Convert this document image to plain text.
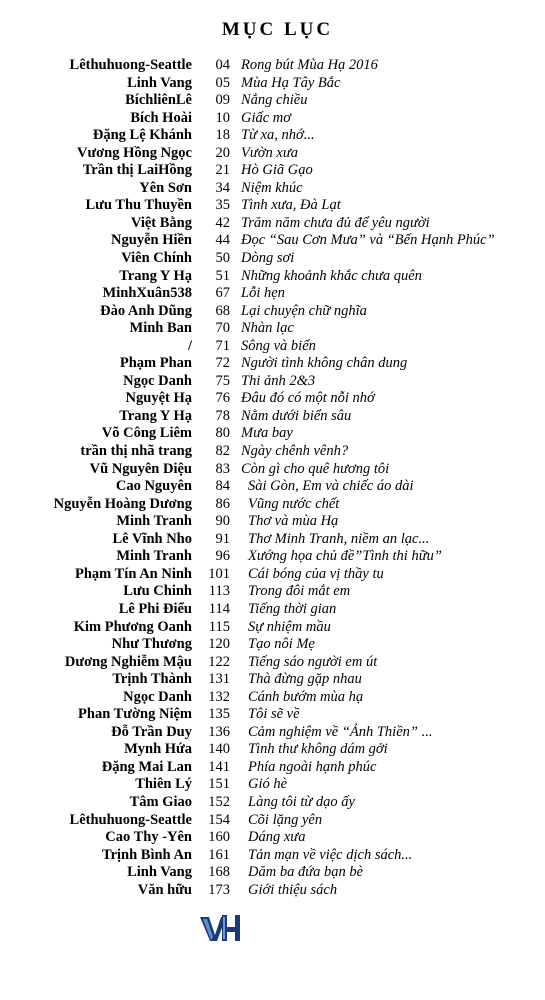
MỤC LỤC
Lêthuhuong-Seattle 04 Rong bút Mùa Hạ 2016
Linh Vang 05 Mùa Hạ Tây Bắc
BíchliênLê 09 Nắng chiều
Bích Hoài 10 Giấc mơ
Đặng Lệ Khánh 18 Từ xa, nhớ...
Vương Hồng Ngọc 20 Vườn xưa
Trần thị LaiHồng 21 Hò Giã Gạo
Yên Sơn 34 Niệm khúc
Lưu Thu Thuyền 35 Tình xưa, Đà Lạt
Việt Bằng 42 Trăm năm chưa đủ để yêu người
Nguyễn Hiền 44 Đọc “Sau Cơn Mưa” và “Bến Hạnh Phúc”
Viên Chính 50 Dòng sơi
Trang Y Hạ 51 Những khoảnh khắc chưa quên
MinhXuân538 67 Lỗi hẹn
Đào Anh Dũng 68 Lại chuyện chữ nghĩa
Minh Ban 70 Nhàn lạc
/ 71 Sông và biển
Phạm Phan 72 Người tình không chân dung
Ngọc Danh 75 Thi ảnh 2&3
Nguyệt Hạ 76 Đâu đó có một nỗi nhớ
Trang Y Hạ 78 Nằm dưới biển sâu
Võ Công Liêm 80 Mưa bay
trần thị nhã trang 82 Ngày chênh vênh?
Vũ Nguyên Diệu 83 Còn gì cho quê hương tôi
Cao Nguyên 84 Sài Gòn, Em và chiếc áo dài
Nguyễn Hoàng Dương 86 Vũng nước chết
Minh Tranh 90 Thơ và mùa Hạ
Lê Vĩnh Nho 91 Thơ Minh Tranh, niềm an lạc...
Minh Tranh 96 Xướng họa chủ đề”Tình thi hữu”
Phạm Tín An Ninh 101 Cái bóng của vị thầy tu
Lưu Chinh	113 Trong đôi mắt em
Lê Phi Điểu	114 Tiếng thời gian
Kim Phương Oanh	115 Sự nhiệm mầu
Như Thương 120 Tạo nôi Mẹ
Dương Nghiễm Mậu 122 Tiếng sáo người em út
Trịnh Thành 131 Thà đừng gặp nhau
Ngọc Danh 132 Cánh bướm mùa hạ
Phan Tường Niệm 135 Tôi sẽ về
Đỗ Trần Duy 136 Cảm nghiệm về “Ảnh Thiền” ...
Mynh Hứa 140 Tình thư không dám gởi
Đặng Mai Lan 141 Phía ngoài hạnh phúc
Thiên Lý 151 Gió hè
Tâm Giao 152 Làng tôi từ dạo ấy
Lêthuhuong-Seattle 154 Cõi lặng yên
Cao Thy -Yên 160 Dáng xưa
Trịnh Bình An 161 Tản mạn về việc dịch sách...
Linh Vang 168 Dăm ba đứa bạn bè
Văn hữu 173 Giới thiệu sách
